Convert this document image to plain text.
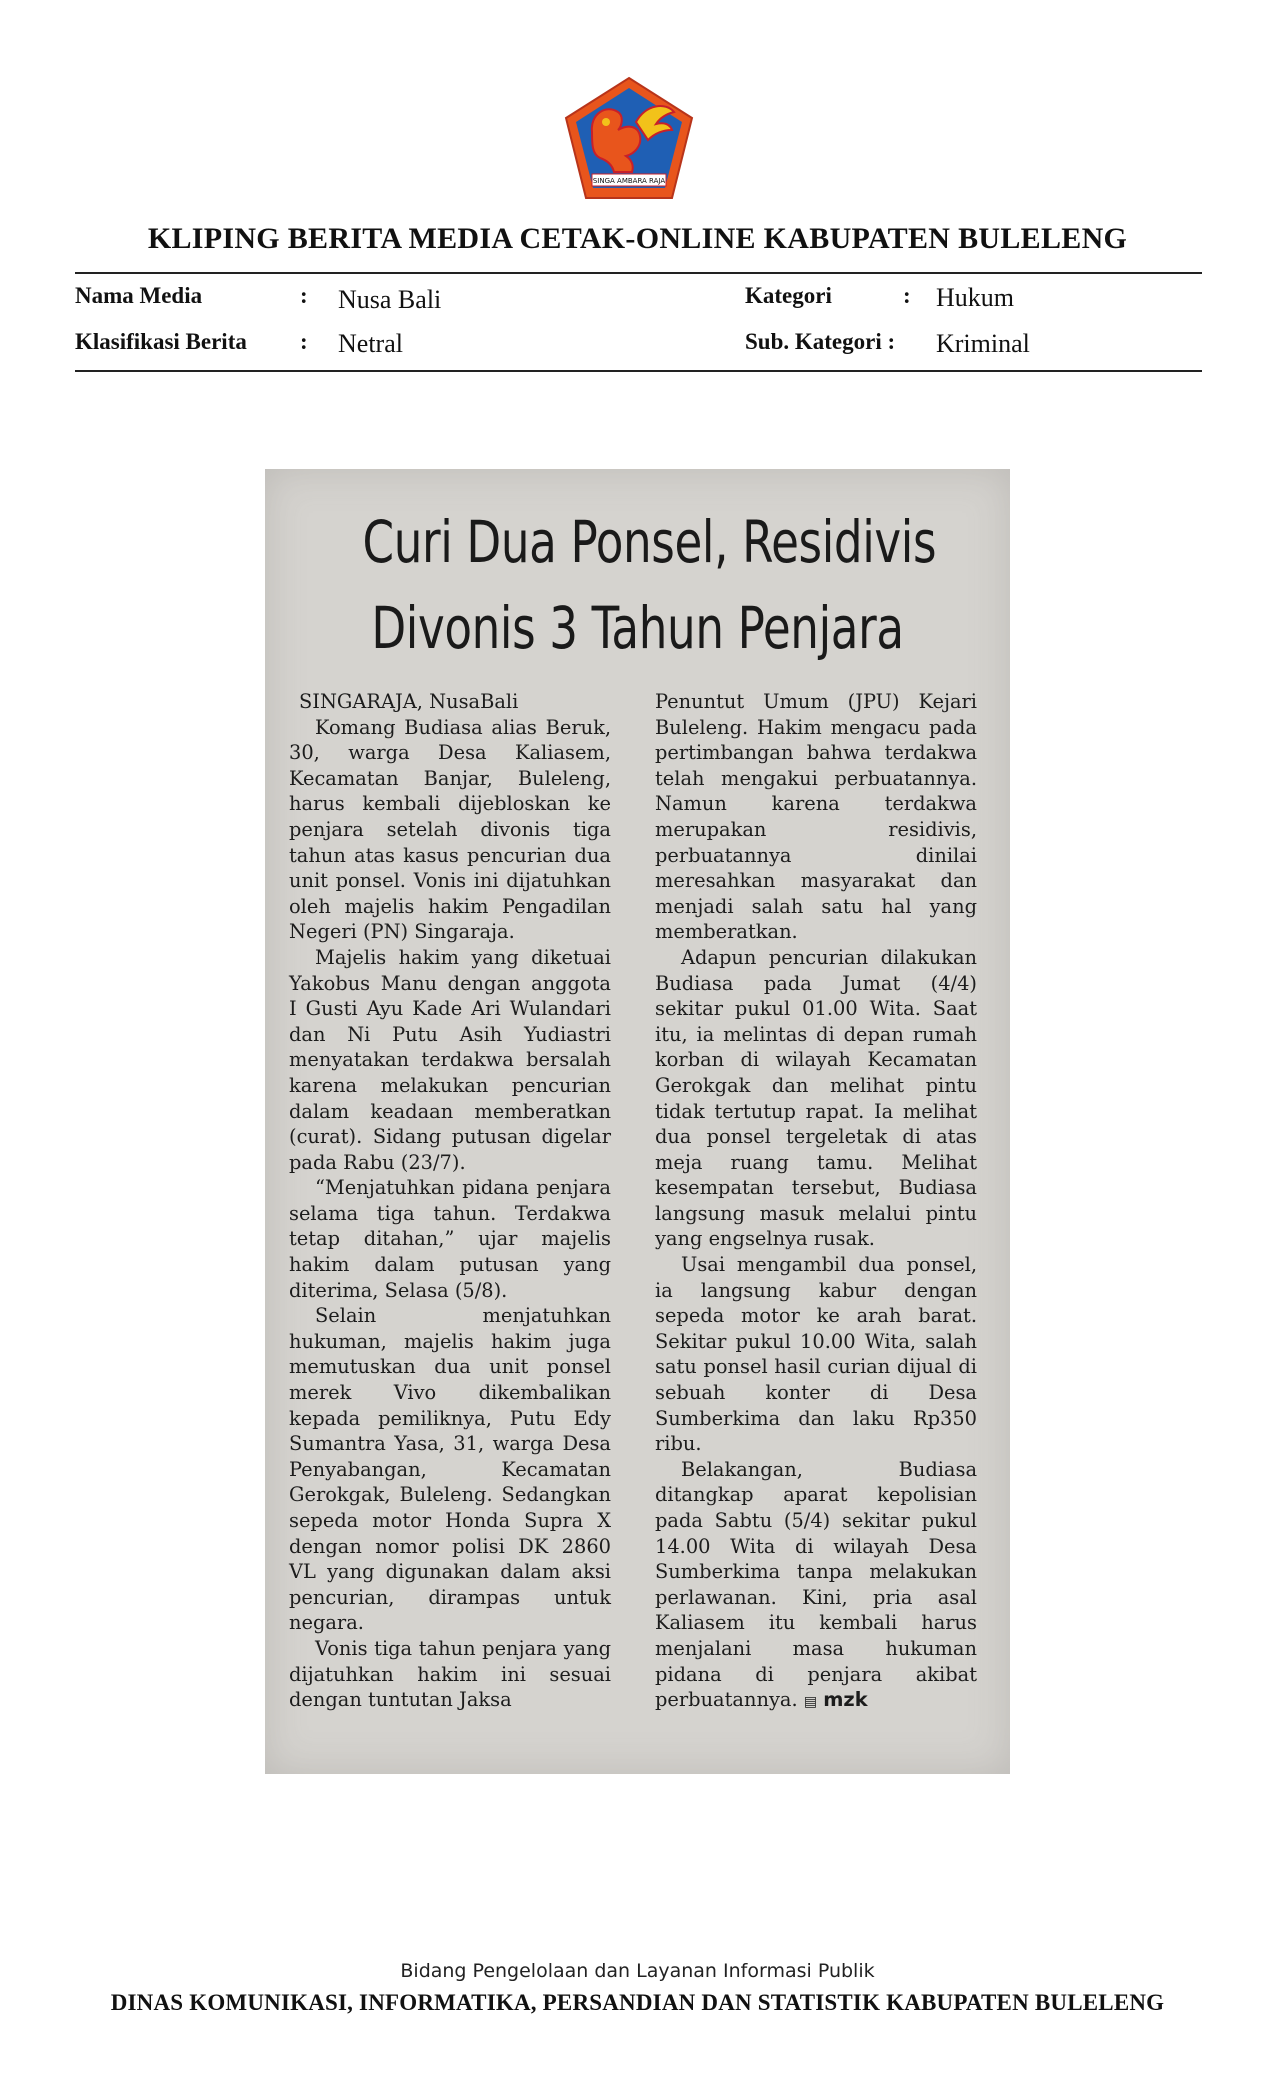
SINGA AMBARA RAJA
KLIPING BERITA MEDIA CETAK-ONLINE KABUPATEN BULELENG
Nama Media	: Nusa Bali	Kategori	: Hukum
Klasifikasi Berita : Netral	Sub. Kategori : Kriminal
Curi Dua Ponsel, Residivis
Divonis 3 Tahun Penjara

SINGARAJA, NusaBali

Komang Budiasa alias Beruk, 30, warga Desa Kaliasem, Kecamatan Banjar, Buleleng, harus kembali dijebloskan ke penjara setelah divonis tiga tahun atas kasus pencurian dua unit ponsel. Vonis ini dijatuhkan oleh majelis hakim Pengadilan Negeri (PN) Singaraja.

Majelis hakim yang diketuai Yakobus Manu dengan anggota I Gusti Ayu Kade Ari Wulandari dan Ni Putu Asih Yudiastri menyatakan terdakwa bersalah karena melakukan pencurian dalam keadaan memberatkan (curat). Sidang putusan digelar pada Rabu (23/7).

“Menjatuhkan pidana penjara selama tiga tahun. Terdakwa tetap ditahan,” ujar majelis hakim dalam putusan yang diterima, Selasa (5/8).

Selain menjatuhkan hukuman, majelis hakim juga memutuskan dua unit ponsel merek Vivo dikembalikan kepada pemiliknya, Putu Edy Sumantra Yasa, 31, warga Desa Penyabangan, Kecamatan Gerokgak, Buleleng. Sedangkan sepeda motor Honda Supra X dengan nomor polisi DK 2860 VL yang digunakan dalam aksi pencurian, dirampas untuk negara.

Vonis tiga tahun penjara yang dijatuhkan hakim ini sesuai dengan tuntutan Jaksa

Penuntut Umum (JPU) Kejari Buleleng. Hakim mengacu pada pertimbangan bahwa terdakwa telah mengakui perbuatannya. Namun karena terdakwa merupakan residivis, perbuatannya dinilai meresahkan masyarakat dan menjadi salah satu hal yang memberatkan.

Adapun pencurian dilakukan Budiasa pada Jumat (4/4) sekitar pukul 01.00 Wita. Saat itu, ia melintas di depan rumah korban di wilayah Kecamatan Gerokgak dan melihat pintu tidak tertutup rapat. Ia melihat dua ponsel tergeletak di atas meja ruang tamu. Melihat kesempatan tersebut, Budiasa langsung masuk melalui pintu yang engselnya rusak.

Usai mengambil dua ponsel, ia langsung kabur dengan sepeda motor ke arah barat. Sekitar pukul 10.00 Wita, salah satu ponsel hasil curian dijual di sebuah konter di Desa Sumberkima dan laku Rp350 ribu.

Belakangan, Budiasa ditangkap aparat kepolisian pada Sabtu (5/4) sekitar pukul 14.00 Wita di wilayah Desa Sumberkima tanpa melakukan perlawanan. Kini, pria asal Kaliasem itu kembali harus menjalani masa hukuman pidana di penjara akibat perbuatannya. ▤ mzk

Bidang Pengelolaan dan Layanan Informasi Publik
DINAS KOMUNIKASI, INFORMATIKA, PERSANDIAN DAN STATISTIK KABUPATEN BULELENG
